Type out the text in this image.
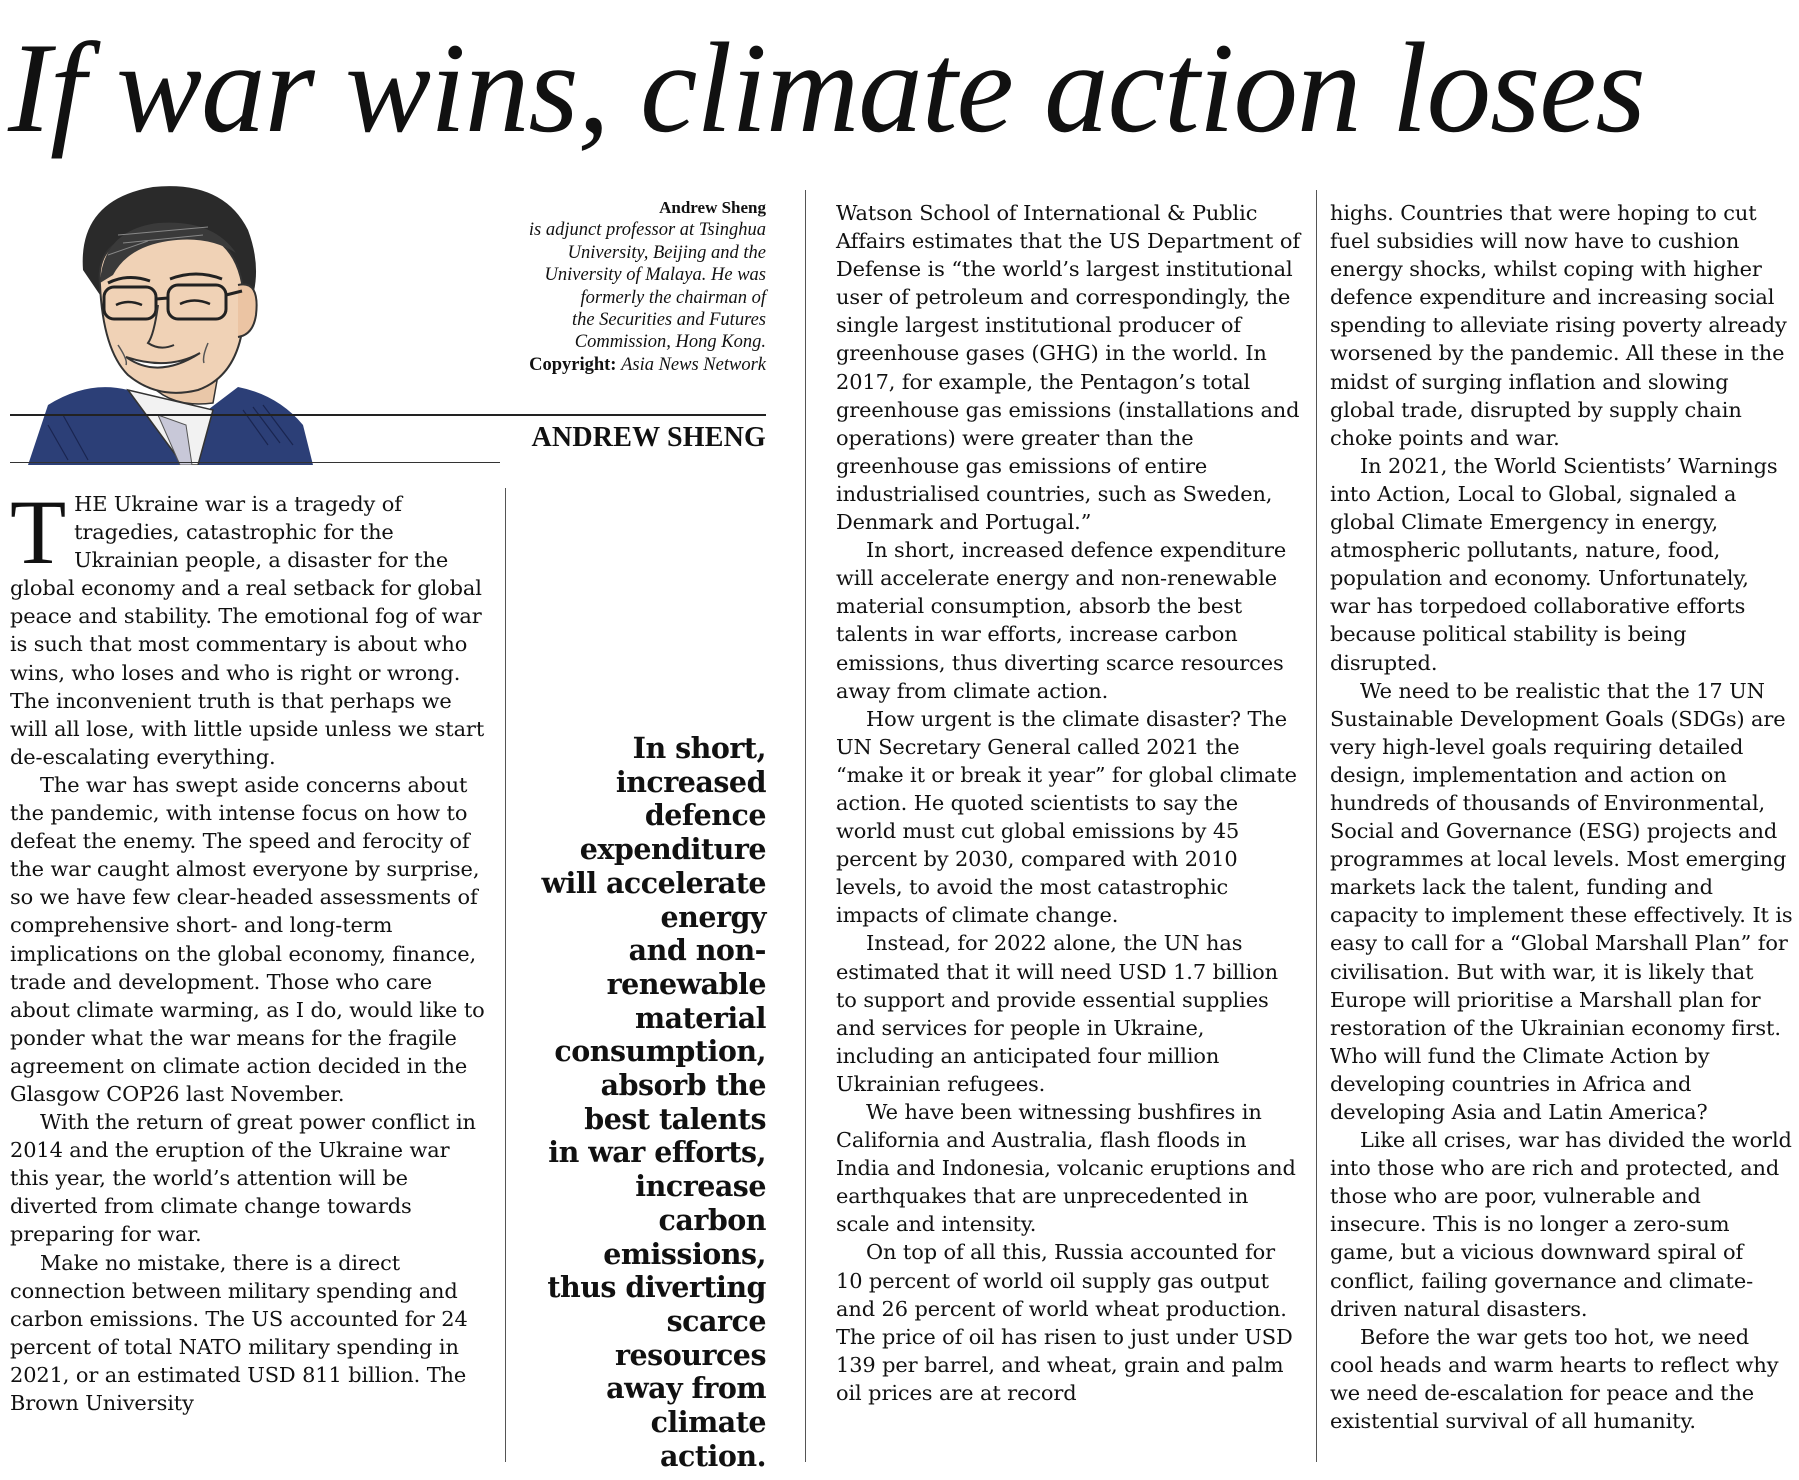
If war wins, climate action loses
Andrew Sheng
is adjunct professor at Tsinghua
University, Beijing and the
University of Malaya. He was
formerly the chairman of
the Securities and Futures
Commission, Hong Kong.
Copyright: Asia News Network
ANDREW SHENG

THE Ukraine war is a tragedy of tragedies, catastrophic for the Ukrainian people, a disaster for the global economy and a real setback for global peace and stability. The emotional fog of war is such that most commentary is about who wins, who loses and who is right or wrong. The inconvenient truth is that perhaps we will all lose, with little upside unless we start de-escalating everything.

The war has swept aside concerns about the pandemic, with intense focus on how to defeat the enemy. The speed and ferocity of the war caught almost everyone by surprise, so we have few clear-headed assessments of comprehensive short- and long-term implications on the global economy, finance, trade and development. Those who care about climate warming, as I do, would like to ponder what the war means for the fragile agreement on climate action decided in the Glasgow COP26 last November.

With the return of great power conflict in 2014 and the eruption of the Ukraine war this year, the world’s attention will be diverted from climate change towards preparing for war.

Make no mistake, there is a direct connection between military spending and carbon emissions. The US accounted for 24 percent of total NATO military spending in 2021, or an estimated USD 811 billion. The Brown University

In short,
increased
defence
expenditure
will accelerate
energy
and non-
renewable
material
consumption,
absorb the
best talents
in war efforts,
increase
carbon
emissions,
thus diverting
scarce
resources
away from
climate
action.

Watson School of International & Public Affairs estimates that the US Department of Defense is “the world’s largest institutional user of petroleum and correspondingly, the single largest institutional producer of greenhouse gases (GHG) in the world. In 2017, for example, the Pentagon’s total greenhouse gas emissions (installations and operations) were greater than the greenhouse gas emissions of entire industrialised countries, such as Sweden, Denmark and Portugal.”

In short, increased defence expenditure will accelerate energy and non-renewable material consumption, absorb the best talents in war efforts, increase carbon emissions, thus diverting scarce resources away from climate action.

How urgent is the climate disaster? The UN Secretary General called 2021 the “make it or break it year” for global climate action. He quoted scientists to say the world must cut global emissions by 45 percent by 2030, compared with 2010 levels, to avoid the most catastrophic impacts of climate change.

Instead, for 2022 alone, the UN has estimated that it will need USD 1.7 billion to support and provide essential supplies and services for people in Ukraine, including an anticipated four million Ukrainian refugees.

We have been witnessing bushfires in California and Australia, flash floods in India and Indonesia, volcanic eruptions and earthquakes that are unprecedented in scale and intensity.

On top of all this, Russia accounted for 10 percent of world oil supply gas output and 26 percent of world wheat production. The price of oil has risen to just under USD 139 per barrel, and wheat, grain and palm oil prices are at record

highs. Countries that were hoping to cut fuel subsidies will now have to cushion energy shocks, whilst coping with higher defence expenditure and increasing social spending to alleviate rising poverty already worsened by the pandemic. All these in the midst of surging inflation and slowing global trade, disrupted by supply chain choke points and war.

In 2021, the World Scientists’ Warnings into Action, Local to Global, signaled a global Climate Emergency in energy, atmospheric pollutants, nature, food, population and economy. Unfortunately, war has torpedoed collaborative efforts because political stability is being disrupted.

We need to be realistic that the 17 UN Sustainable Development Goals (SDGs) are very high-level goals requiring detailed design, implementation and action on hundreds of thousands of Environmental, Social and Governance (ESG) projects and programmes at local levels. Most emerging markets lack the talent, funding and capacity to implement these effectively. It is easy to call for a “Global Marshall Plan” for civilisation. But with war, it is likely that Europe will prioritise a Marshall plan for restoration of the Ukrainian economy first. Who will fund the Climate Action by developing countries in Africa and developing Asia and Latin America?

Like all crises, war has divided the world into those who are rich and protected, and those who are poor, vulnerable and insecure. This is no longer a zero-sum game, but a vicious downward spiral of conflict, failing governance and climate-driven natural disasters.

Before the war gets too hot, we need cool heads and warm hearts to reflect why we need de-escalation for peace and the existential survival of all humanity.
